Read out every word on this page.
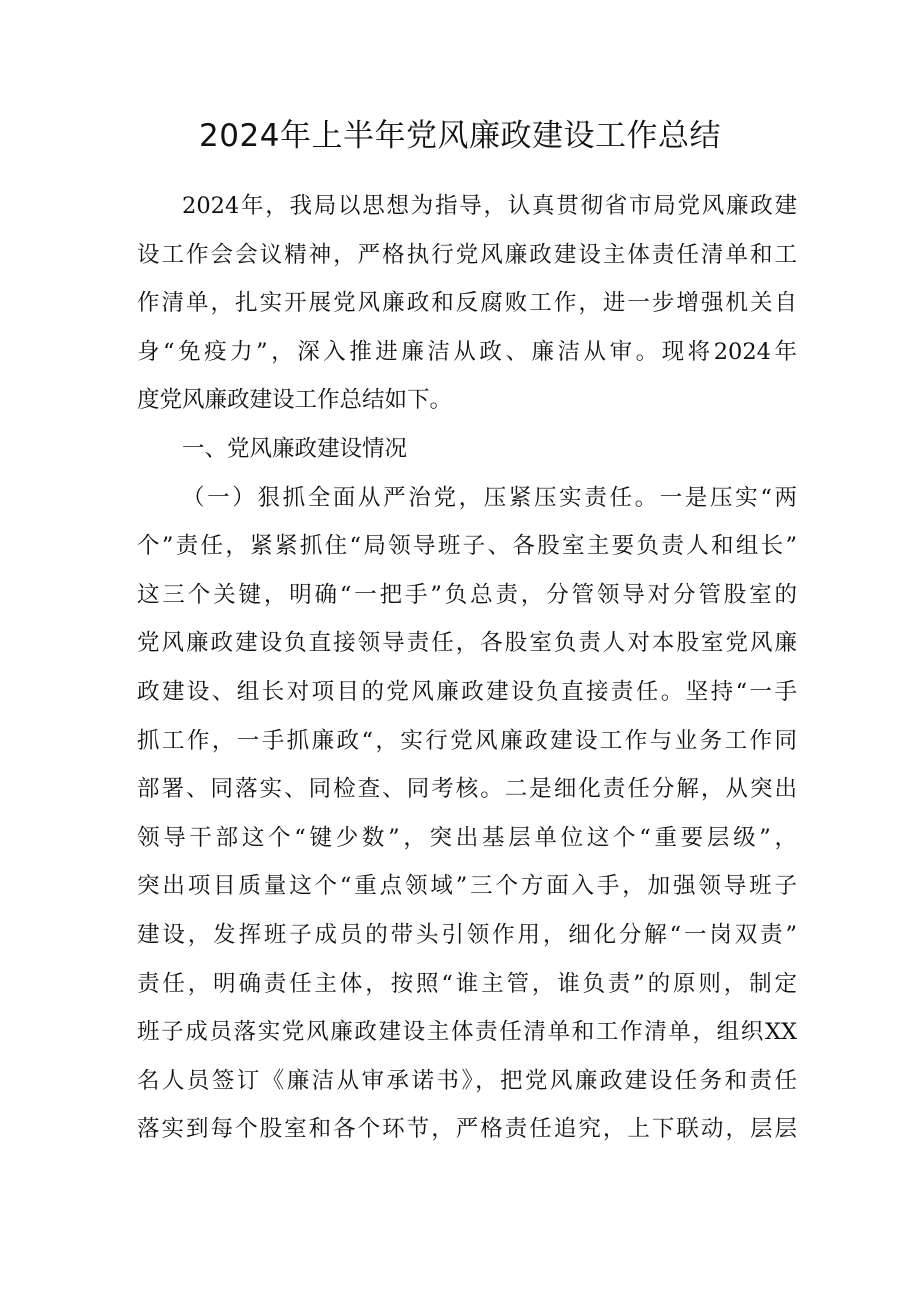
2024年上半年党风廉政建设工作总结
2024年，我局以思想为指导，认真贯彻省市局党风廉政建
设工作会会议精神，严格执行党风廉政建设主体责任清单和工
作清单，扎实开展党风廉政和反腐败工作，进一步增强机关自
身“免疫力”，深入推进廉洁从政、廉洁从审。现将2024年
度党风廉政建设工作总结如下。
一、党风廉政建设情况
（一）狠抓全面从严治党，压紧压实责任。一是压实“两
个”责任，紧紧抓住“局领导班子、各股室主要负责人和组长”
这三个关键，明确“一把手”负总责，分管领导对分管股室的
党风廉政建设负直接领导责任，各股室负责人对本股室党风廉
政建设、组长对项目的党风廉政建设负直接责任。坚持“一手
抓工作，一手抓廉政“，实行党风廉政建设工作与业务工作同
部署、同落实、同检查、同考核。二是细化责任分解，从突出
领导干部这个“键少数”，突出基层单位这个“重要层级”，
突出项目质量这个“重点领域”三个方面入手，加强领导班子
建设，发挥班子成员的带头引领作用，细化分解“一岗双责”
责任，明确责任主体，按照“谁主管，谁负责”的原则，制定
班子成员落实党风廉政建设主体责任清单和工作清单，组织XX
名人员签订《廉洁从审承诺书》，把党风廉政建设任务和责任
落实到每个股室和各个环节，严格责任追究，上下联动，层层
